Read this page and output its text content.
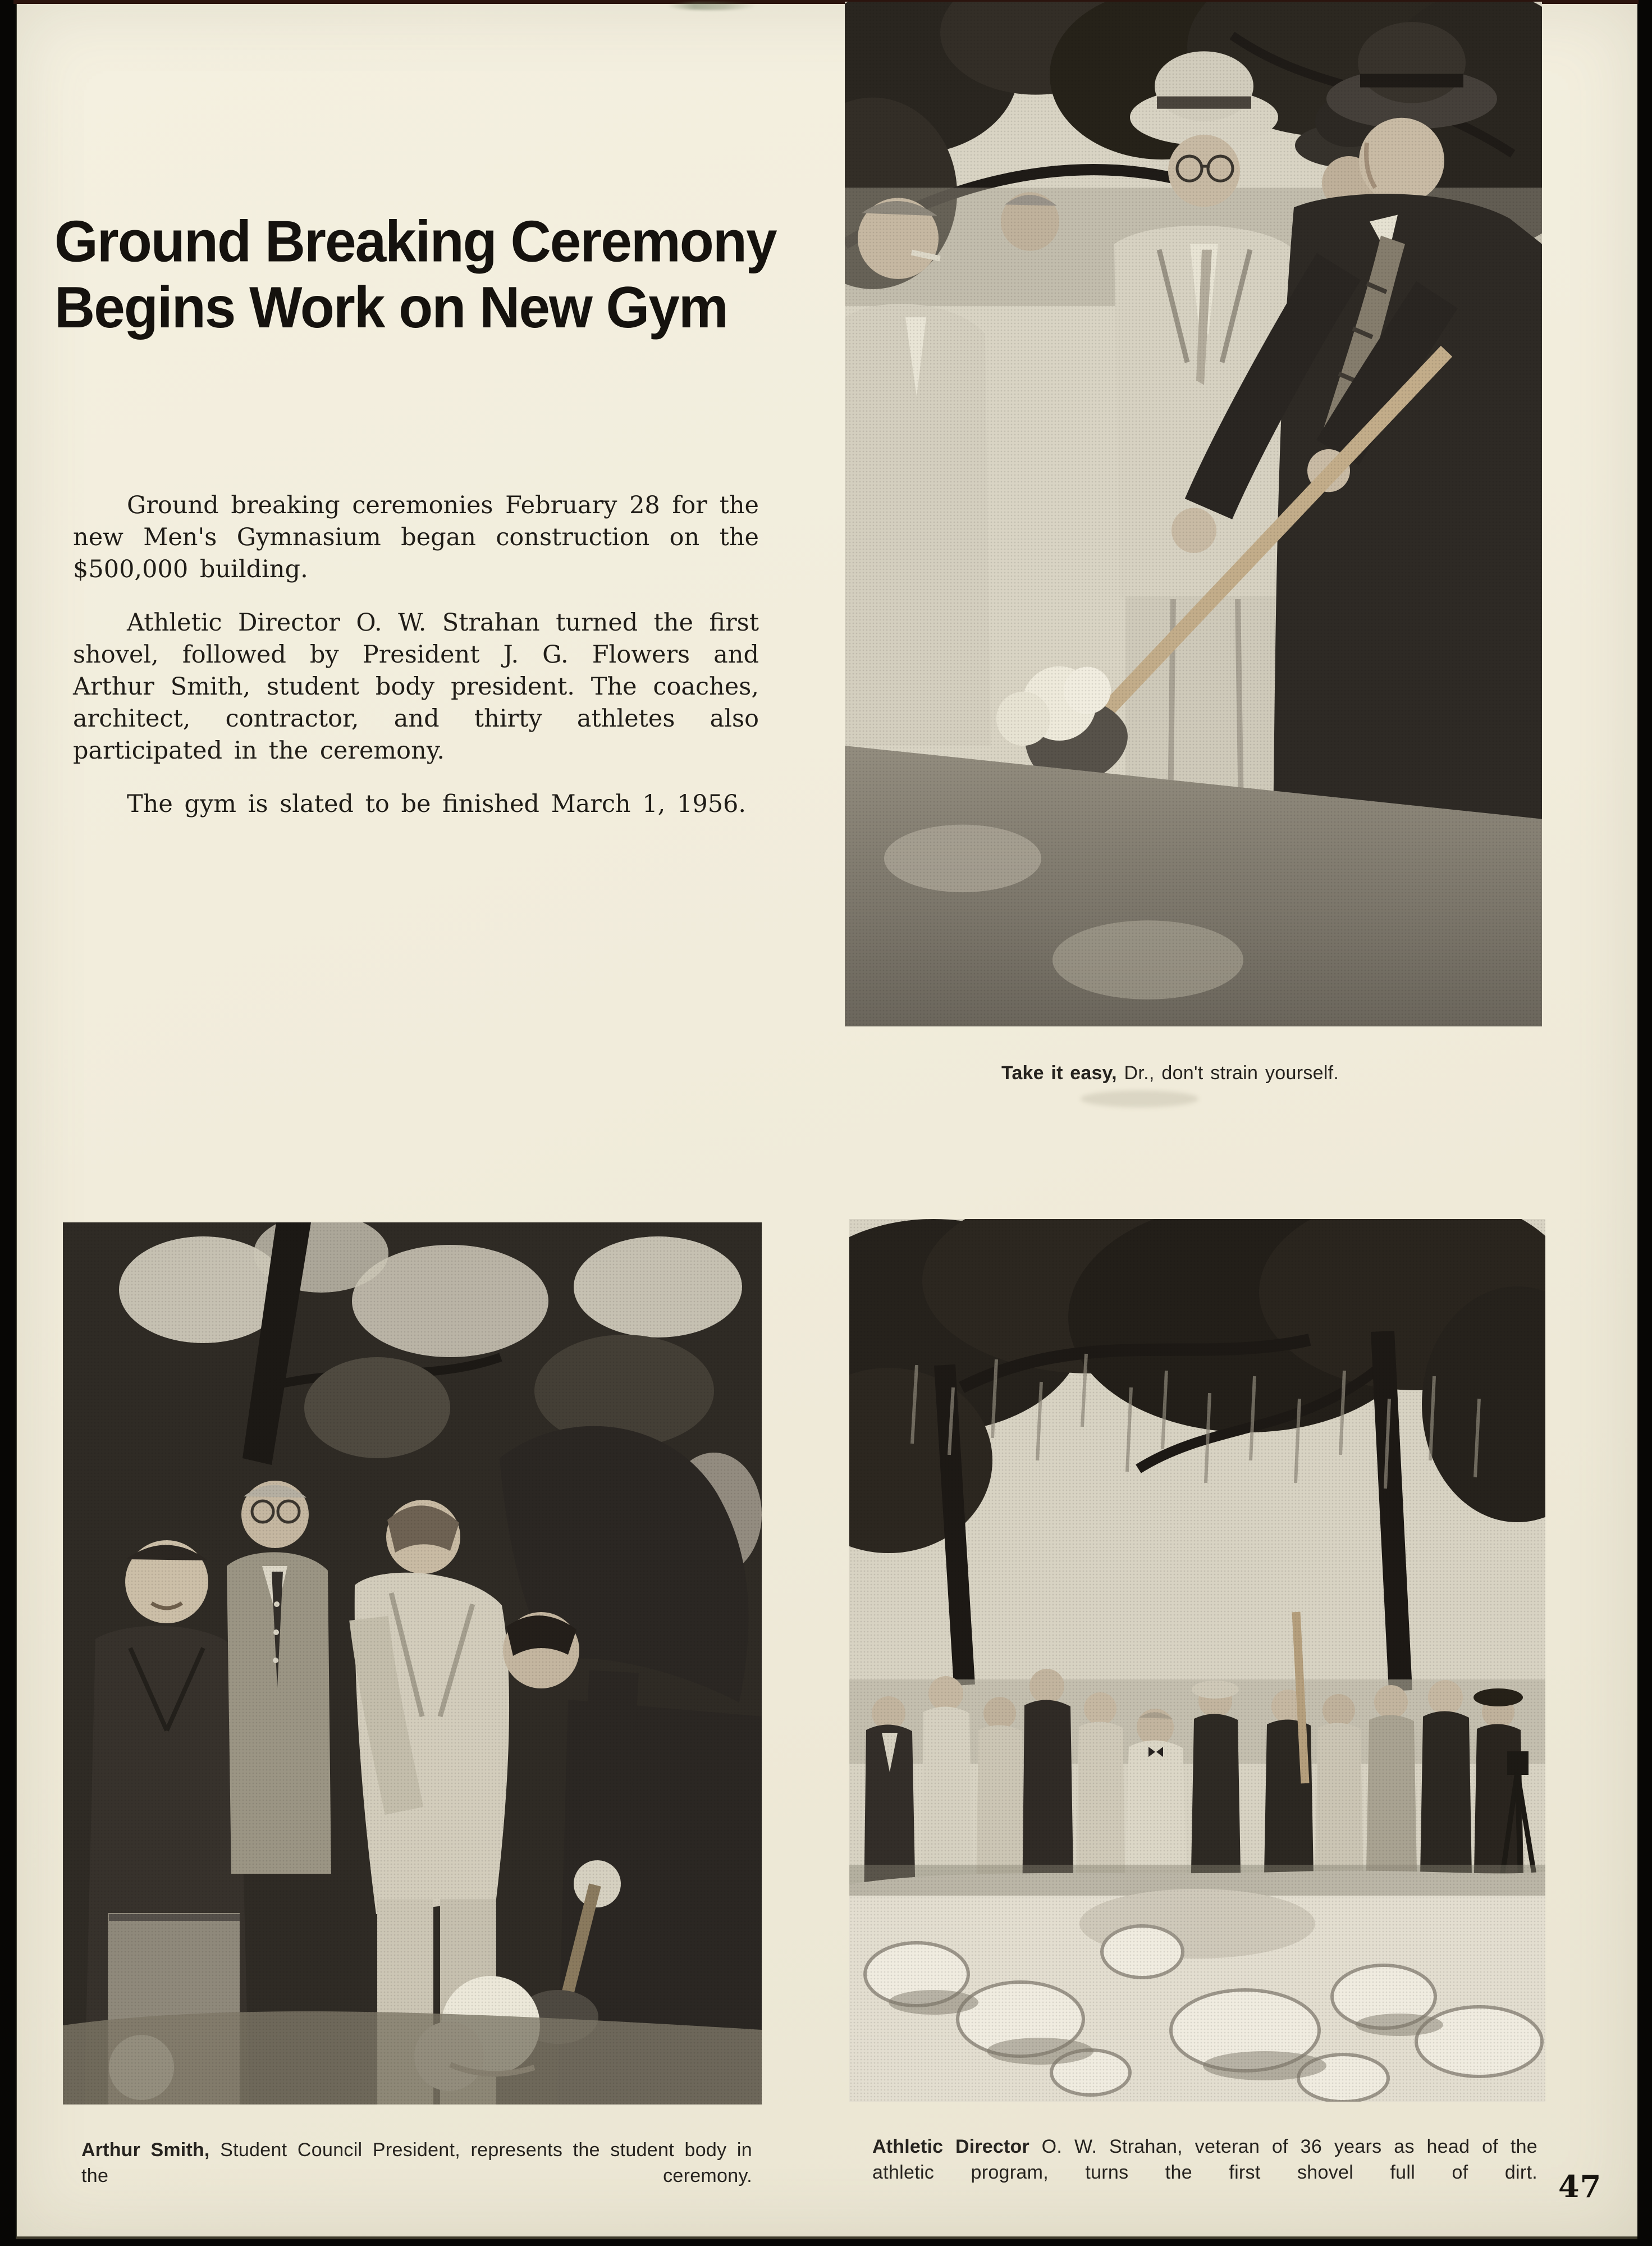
Ground Breaking Ceremony
Begins Work on New Gym

Ground breaking ceremonies February 28 for the new Men's Gymnasium began construction on the $500,000 building.

Athletic Director O. W. Strahan turned the first shovel, followed by President J. G. Flowers and Arthur Smith, student body president. The coaches, architect, contractor, and thirty athletes also participated in the ceremony.

The gym is slated to be finished March 1, 1956.

Take it easy, Dr., don't strain yourself.
Arthur Smith, Student Council President, represents the student body in the ceremony.
Athletic Director O. W. Strahan, veteran of 36 years as head of the athletic program, turns the first shovel full of dirt. 47
